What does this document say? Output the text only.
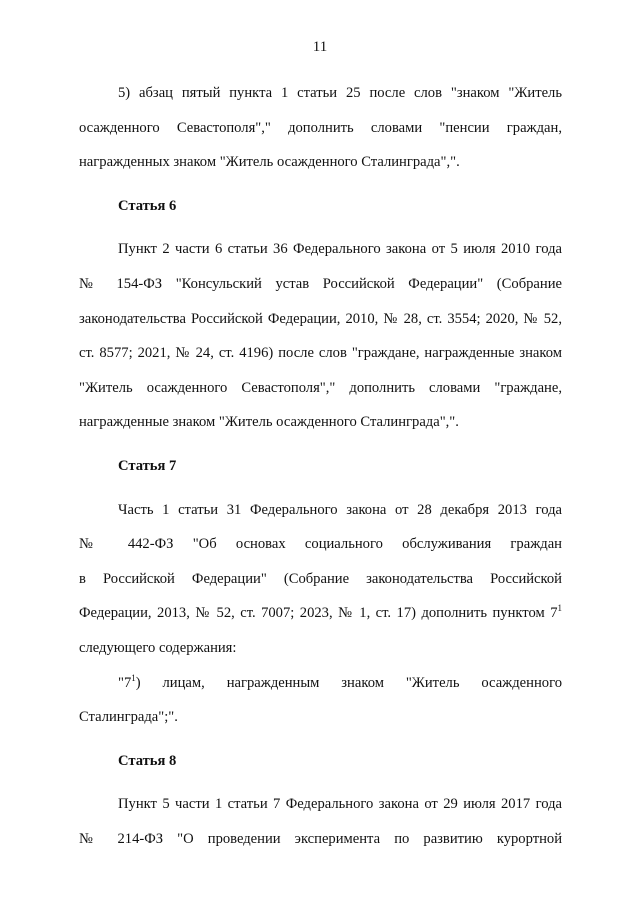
11
5) абзац пятый пункта 1 статьи 25 после слов "знаком "Житель
осажденного Севастополя"," дополнить словами "пенсии граждан,
награжденных знаком "Житель осажденного Сталинграда",".
Статья 6
Пункт 2 части 6 статьи 36 Федерального закона от 5 июля 2010 года
№ 154-ФЗ "Консульский устав Российской Федерации" (Собрание
законодательства Российской Федерации, 2010, № 28, ст. 3554; 2020, № 52,
ст. 8577; 2021, № 24, ст. 4196) после слов "граждане, награжденные знаком
"Житель осажденного Севастополя"," дополнить словами "граждане,
награжденные знаком "Житель осажденного Сталинграда",".
Статья 7
Часть 1 статьи 31 Федерального закона от 28 декабря 2013 года
№ 442-ФЗ "Об основах социального обслуживания граждан
в Российской Федерации" (Собрание законодательства Российской
Федерации, 2013, № 52, ст. 7007; 2023, № 1, ст. 17) дополнить пунктом 7$^1$
следующего содержания:
"7$^1$) лицам, награжденным знаком "Житель осажденного
Сталинграда";".
Статья 8
Пункт 5 части 1 статьи 7 Федерального закона от 29 июля 2017 года
№ 214-ФЗ "О проведении эксперимента по развитию курортной
